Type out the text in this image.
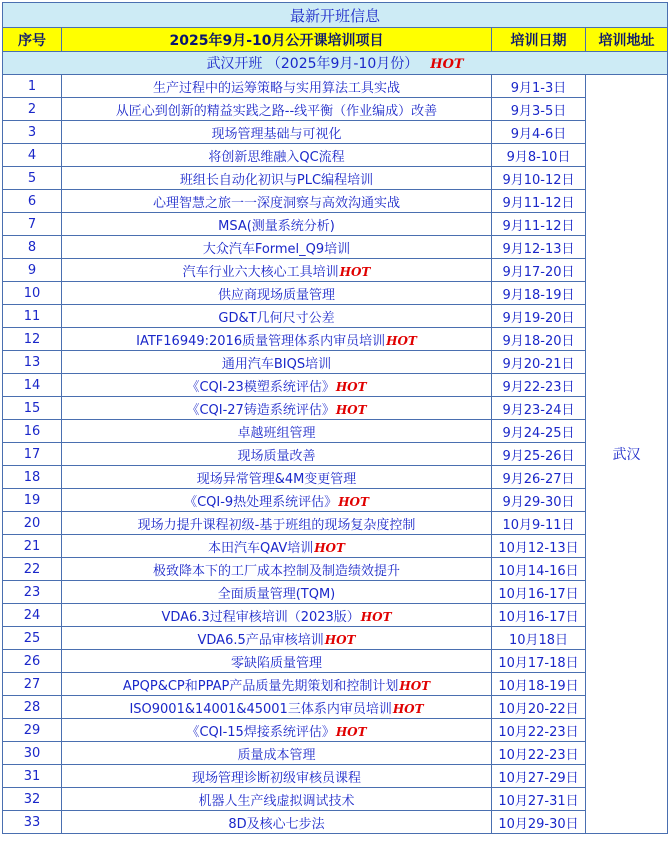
最新开班信息			
序号	2025年9月-10月公开课培训项目	培训日期	培训地址
武汉开班 （2025年9月-10月份） HOT			
1	生产过程中的运筹策略与实用算法工具实战	9月1-3日	武汉
2	从匠心到创新的精益实践之路--线平衡（作业编成）改善	9月3-5日	
3	现场管理基础与可视化	9月4-6日	
4	将创新思维融入QC流程	9月8-10日	
5	班组长自动化初识与PLC编程培训	9月10-12日	
6	心理智慧之旅一一深度洞察与高效沟通实战	9月11-12日	
7	MSA(测量系统分析)	9月11-12日	
8	大众汽车Formel_Q9培训	9月12-13日	
9	汽车行业六大核心工具培训HOT	9月17-20日	
10	供应商现场质量管理	9月18-19日	
11	GD&T几何尺寸公差	9月19-20日	
12	IATF16949:2016质量管理体系内审员培训HOT	9月18-20日	
13	通用汽车BIQS培训	9月20-21日	
14	《CQI-23模塑系统评估》HOT	9月22-23日	
15	《CQI-27铸造系统评估》HOT	9月23-24日	
16	卓越班组管理	9月24-25日	
17	现场质量改善	9月25-26日	
18	现场异常管理&4M变更管理	9月26-27日	
19	《CQI-9热处理系统评估》HOT	9月29-30日	
20	现场力提升课程初级-基于班组的现场复杂度控制	10月9-11日	
21	本田汽车QAV培训HOT	10月12-13日	
22	极致降本下的工厂成本控制及制造绩效提升	10月14-16日	
23	全面质量管理(TQM)	10月16-17日	
24	VDA6.3过程审核培训（2023版）HOT	10月16-17日	
25	VDA6.5产品审核培训HOT	10月18日	
26	零缺陷质量管理	10月17-18日	
27	APQP&CP和PPAP产品质量先期策划和控制计划HOT	10月18-19日	
28	ISO9001&14001&45001三体系内审员培训HOT	10月20-22日	
29	《CQI-15焊接系统评估》HOT	10月22-23日	
30	质量成本管理	10月22-23日	
31	现场管理诊断初级审核员课程	10月27-29日	
32	机器人生产线虚拟调试技术	10月27-31日	
33	8D及核心七步法	10月29-30日	
